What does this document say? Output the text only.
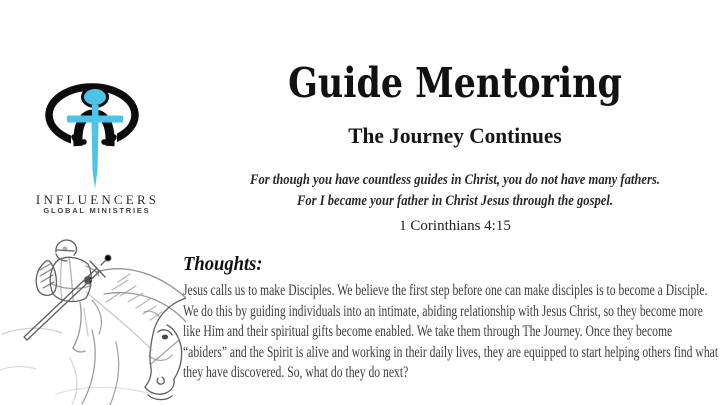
INFLUENCERS
GLOBAL MINISTRIES
Guide Mentoring
The Journey Continues
For though you have countless guides in Christ, you do not have many fathers.
For I became your father in Christ Jesus through the gospel.
1 Corinthians 4:15
Thoughts:
Jesus calls us to make Disciples. We believe the first step before one can make disciples is to become a Disciple. We do this by guiding individuals into an intimate, abiding relationship with Jesus Christ, so they become more like Him and their spiritual gifts become enabled. We take them through The Journey. Once they become “abiders” and the Spirit is alive and working in their daily lives, they are equipped to start helping others find what they have discovered. So, what do they do next?
